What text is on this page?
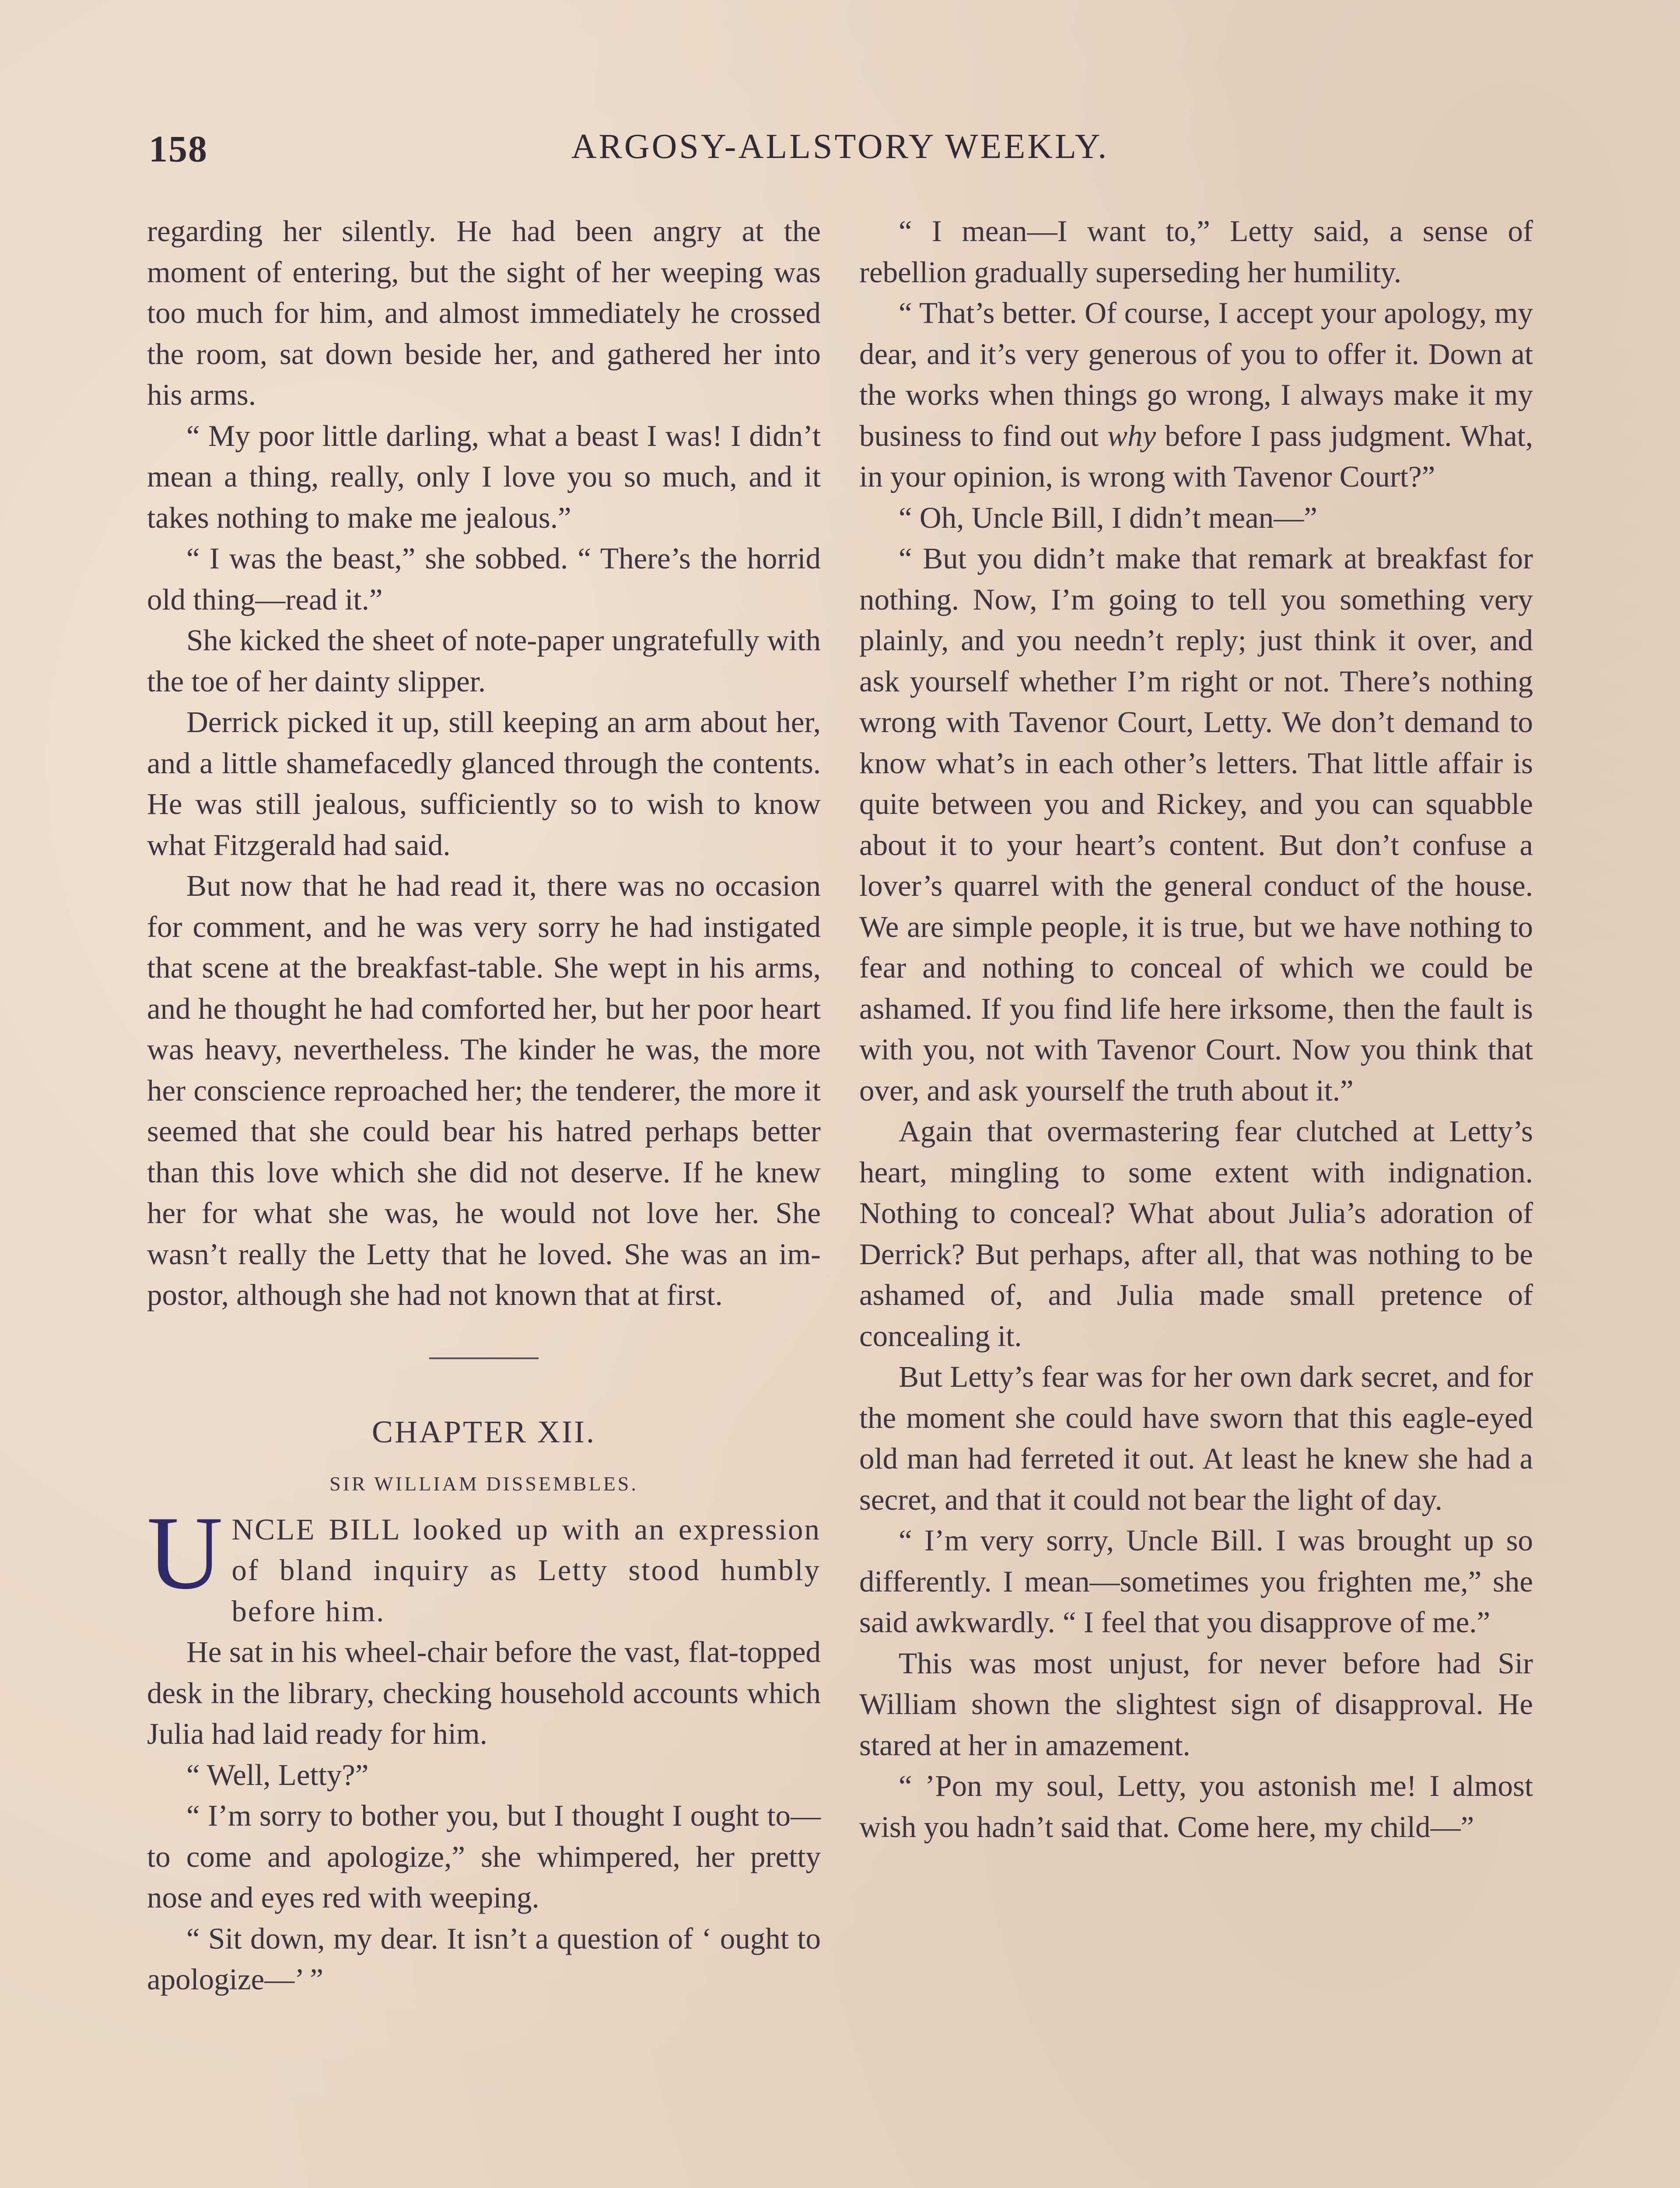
158	ARGOSY-ALLSTORY WEEKLY.

regarding her silently. He had been angry at the moment of entering, but the sight of her weeping was too much for him, and almost immediately he crossed the room, sat down beside her, and gathered her into his arms.

“ My poor little darling, what a beast I was! I didn’t mean a thing, really, only I love you so much, and it takes nothing to make me jealous.”

“ I was the beast,” she sobbed. “ There’s the horrid old thing—read it.”

She kicked the sheet of note-paper ungratefully with the toe of her dainty slipper.

Derrick picked it up, still keeping an arm about her, and a little shamefacedly glanced through the contents. He was still jealous, sufficiently so to wish to know what Fitzgerald had said.

But now that he had read it, there was no occasion for comment, and he was very sorry he had instigated that scene at the breakfast-table. She wept in his arms, and he thought he had comforted her, but her poor heart was heavy, nevertheless. The kinder he was, the more her conscience reproached her; the tenderer, the more it seemed that she could bear his hatred perhaps better than this love which she did not deserve. If he knew her for what she was, he would not love her. She wasn’t really the Letty that he loved. She was an impostor, although she had not known that at first.

CHAPTER XII.
SIR WILLIAM DISSEMBLES.

UNCLE BILL looked up with an expression of bland inquiry as Letty stood humbly before him.

He sat in his wheel-chair before the vast, flat-topped desk in the library, checking household accounts which Julia had laid ready for him.

“ Well, Letty?”

“ I’m sorry to bother you, but I thought I ought to—to come and apologize,” she whimpered, her pretty nose and eyes red with weeping.

“ Sit down, my dear. It isn’t a question of ‘ ought to apologize—’ ”

“ I mean—I want to,” Letty said, a sense of rebellion gradually superseding her humility.

“ That’s better. Of course, I accept your apology, my dear, and it’s very generous of you to offer it. Down at the works when things go wrong, I always make it my business to find out why before I pass judgment. What, in your opinion, is wrong with Tavenor Court?”

“ Oh, Uncle Bill, I didn’t mean—”

“ But you didn’t make that remark at breakfast for nothing. Now, I’m going to tell you something very plainly, and you needn’t reply; just think it over, and ask yourself whether I’m right or not. There’s nothing wrong with Tavenor Court, Letty. We don’t demand to know what’s in each other’s letters. That little affair is quite between you and Rickey, and you can squabble about it to your heart’s content. But don’t confuse a lover’s quarrel with the general conduct of the house. We are simple people, it is true, but we have nothing to fear and nothing to conceal of which we could be ashamed. If you find life here irksome, then the fault is with you, not with Tavenor Court. Now you think that over, and ask yourself the truth about it.”

Again that overmastering fear clutched at Letty’s heart, mingling to some extent with indignation. Nothing to conceal? What about Julia’s adoration of Derrick? But perhaps, after all, that was nothing to be ashamed of, and Julia made small pretence of concealing it.

But Letty’s fear was for her own dark secret, and for the moment she could have sworn that this eagle-eyed old man had ferreted it out. At least he knew she had a secret, and that it could not bear the light of day.

“ I’m very sorry, Uncle Bill. I was brought up so differently. I mean—sometimes you frighten me,” she said awkwardly. “ I feel that you disapprove of me.”

This was most unjust, for never before had Sir William shown the slightest sign of disapproval. He stared at her in amazement.

“ ’Pon my soul, Letty, you astonish me! I almost wish you hadn’t said that. Come here, my child—”
